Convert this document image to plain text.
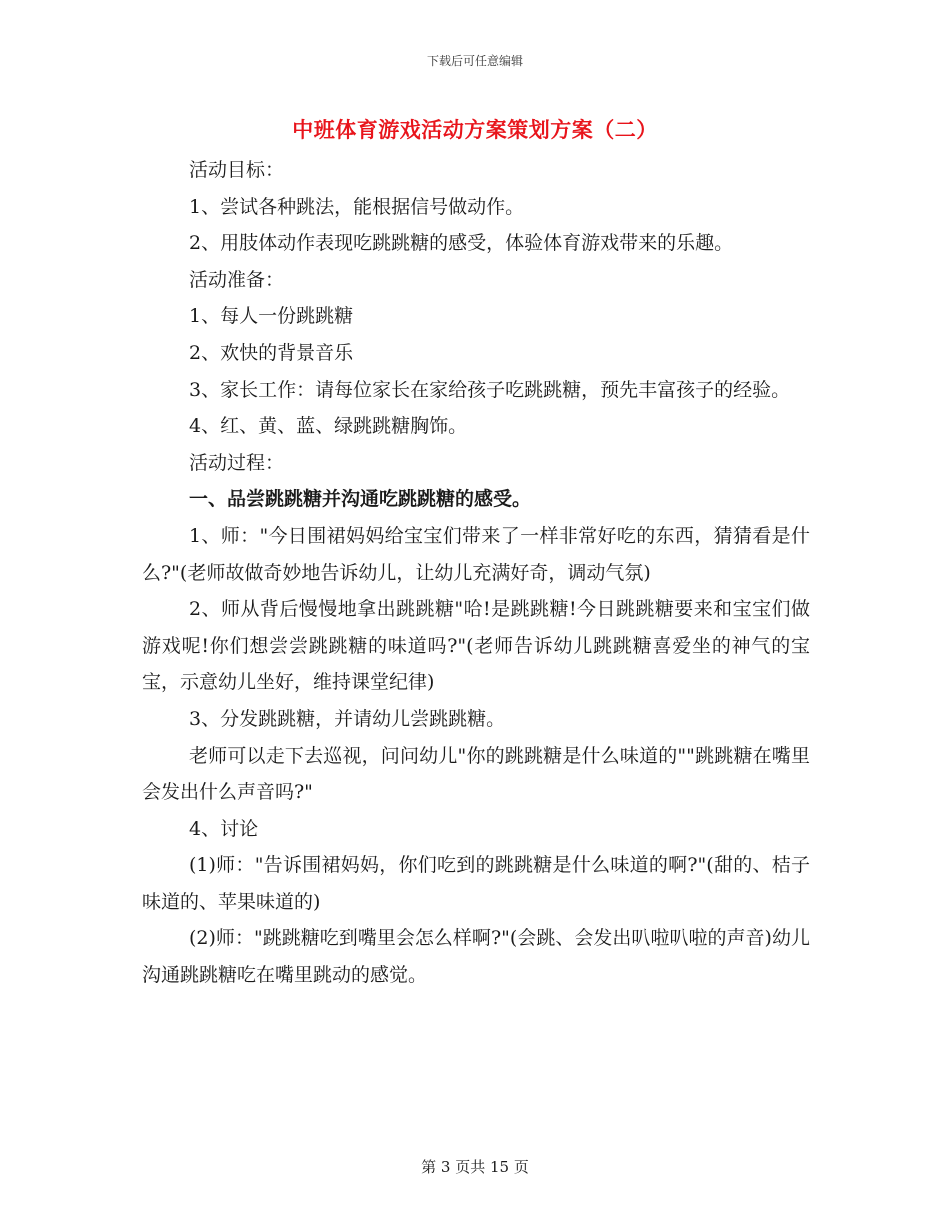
下载后可任意编辑
中班体育游戏活动方案策划方案（二）

活动目标：

1、尝试各种跳法，能根据信号做动作。

2、用肢体动作表现吃跳跳糖的感受，体验体育游戏带来的乐趣。

活动准备：

1、每人一份跳跳糖

2、欢快的背景音乐

3、家长工作：请每位家长在家给孩子吃跳跳糖，预先丰富孩子的经验。

4、红、黄、蓝、绿跳跳糖胸饰。

活动过程：

一、品尝跳跳糖并沟通吃跳跳糖的感受。

1、师："今日围裙妈妈给宝宝们带来了一样非常好吃的东西，猜猜看是什么?"(老师故做奇妙地告诉幼儿，让幼儿充满好奇，调动气氛)

2、师从背后慢慢地拿出跳跳糖"哈!是跳跳糖!今日跳跳糖要来和宝宝们做游戏呢!你们想尝尝跳跳糖的味道吗?"(老师告诉幼儿跳跳糖喜爱坐的神气的宝宝，示意幼儿坐好，维持课堂纪律)

3、分发跳跳糖，并请幼儿尝跳跳糖。

老师可以走下去巡视，问问幼儿"你的跳跳糖是什么味道的""跳跳糖在嘴里会发出什么声音吗?"

4、讨论

(1)师："告诉围裙妈妈，你们吃到的跳跳糖是什么味道的啊?"(甜的、桔子味道的、苹果味道的)

(2)师："跳跳糖吃到嘴里会怎么样啊?"(会跳、会发出叭啦叭啦的声音)幼儿沟通跳跳糖吃在嘴里跳动的感觉。

第 3 页共 15 页
